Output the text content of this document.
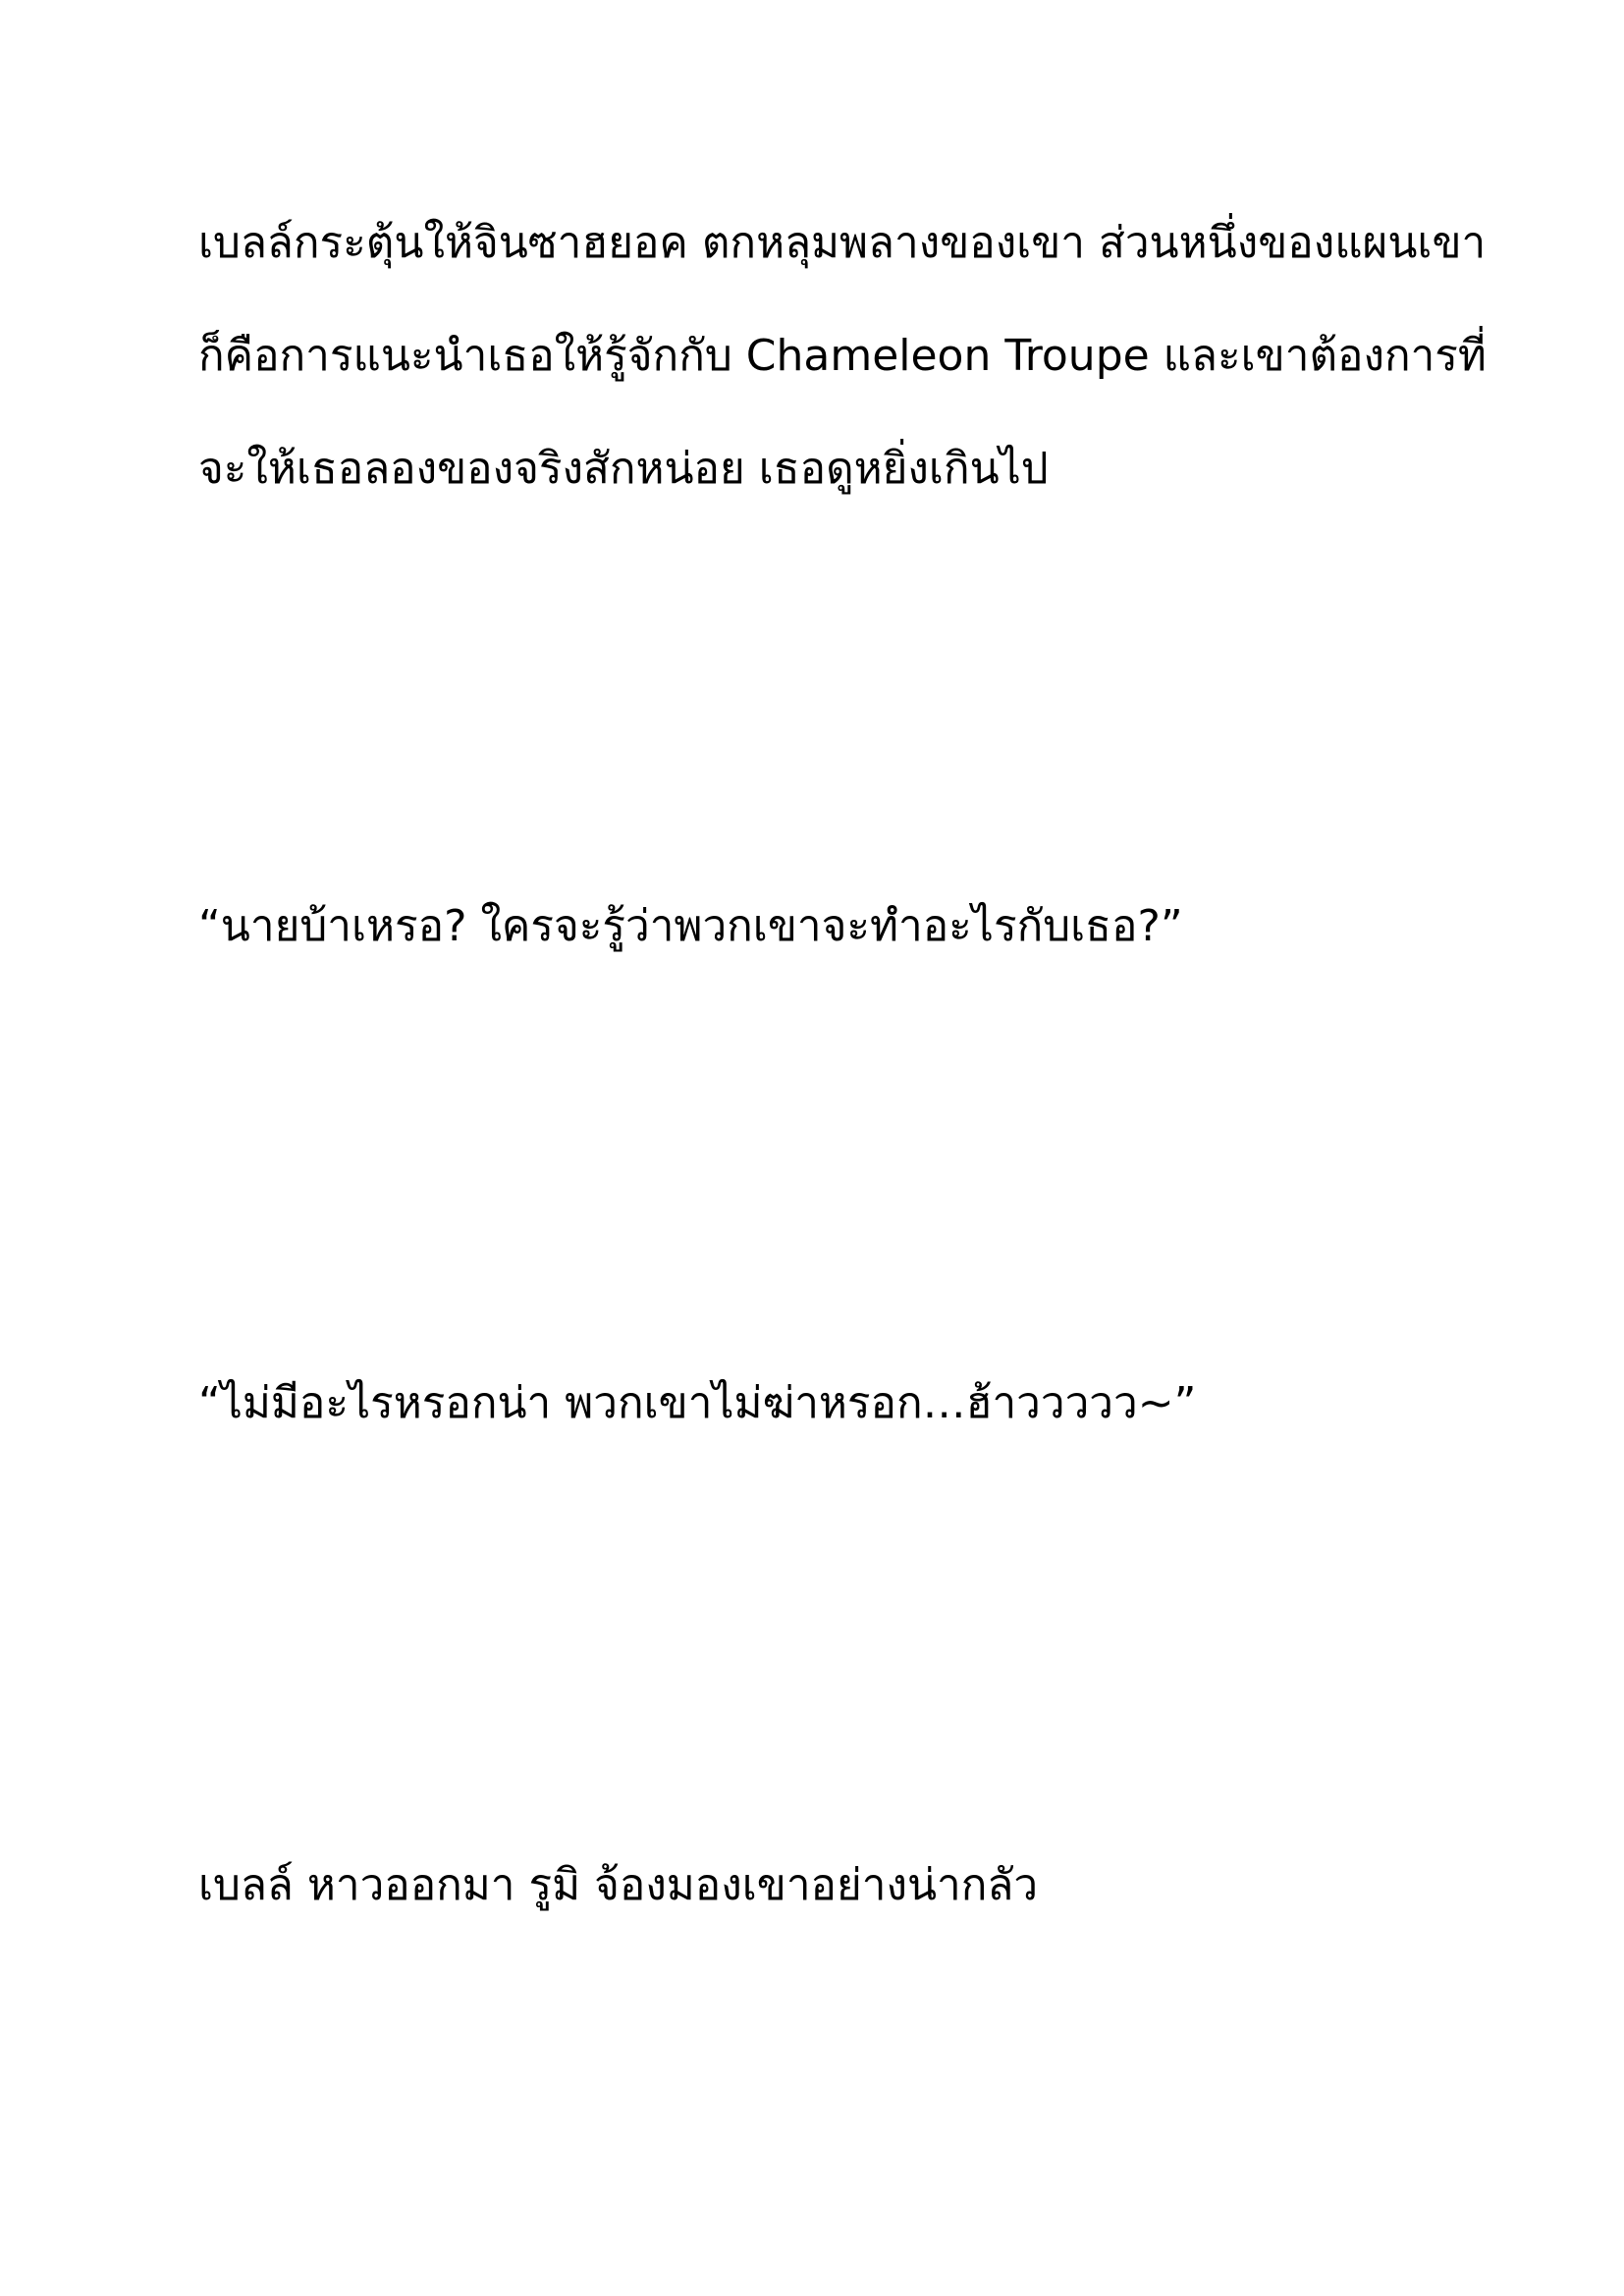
เบลล์กระตุ้นให้จินซาฮยอค ตกหลุมพลางของเขา ส่วนหนึ่งของแผนเขา
ก็คือการแนะนำเธอให้รู้จักกับ Chameleon Troupe และเขาต้องการที่
จะให้เธอลองของจริงสักหน่อย เธอดูหยิ่งเกินไป

“นายบ้าเหรอ? ใครจะรู้ว่าพวกเขาจะทำอะไรกับเธอ?”

“ไม่มีอะไรหรอกน่า พวกเขาไม่ฆ่าหรอก…ฮ้าววววว~”

เบลล์ หาวออกมา รูมิ จ้องมองเขาอย่างน่ากลัว
